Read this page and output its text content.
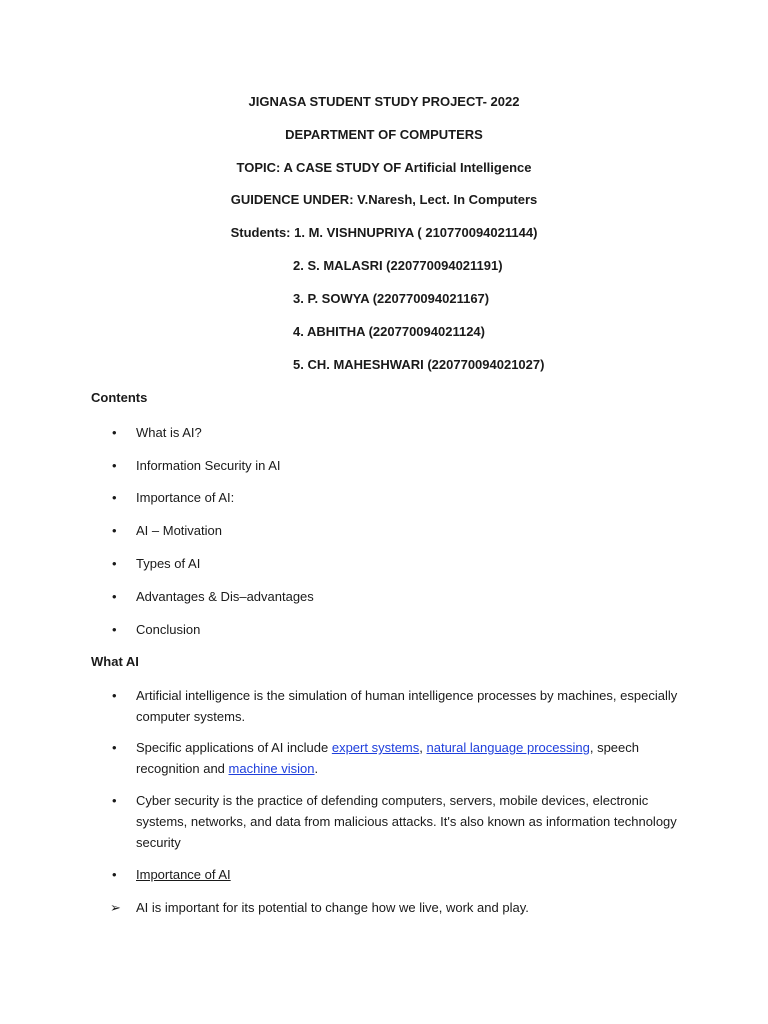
JIGNASA STUDENT STUDY PROJECT- 2022
DEPARTMENT OF COMPUTERS
TOPIC: A CASE STUDY OF Artificial Intelligence
GUIDENCE UNDER: V.Naresh, Lect. In Computers
Students: 1. M. VISHNUPRIYA ( 210770094021144)
2. S. MALASRI (220770094021191)
3. P. SOWYA (220770094021167)
4. ABHITHA (220770094021124)
5. CH. MAHESHWARI (220770094021027)
Contents
• What is AI?
• Information Security in AI
• Importance of AI:
• AI – Motivation
• Types of AI
• Advantages & Dis–advantages
• Conclusion
What AI
• Artificial intelligence is the simulation of human intelligence processes by machines, especially computer systems.
• Specific applications of AI include expert systems, natural language processing, speech recognition and machine vision.
• Cyber security is the practice of defending computers, servers, mobile devices, electronic systems, networks, and data from malicious attacks. It's also known as information technology security
• Importance of AI
➢ AI is important for its potential to change how we live, work and play.
